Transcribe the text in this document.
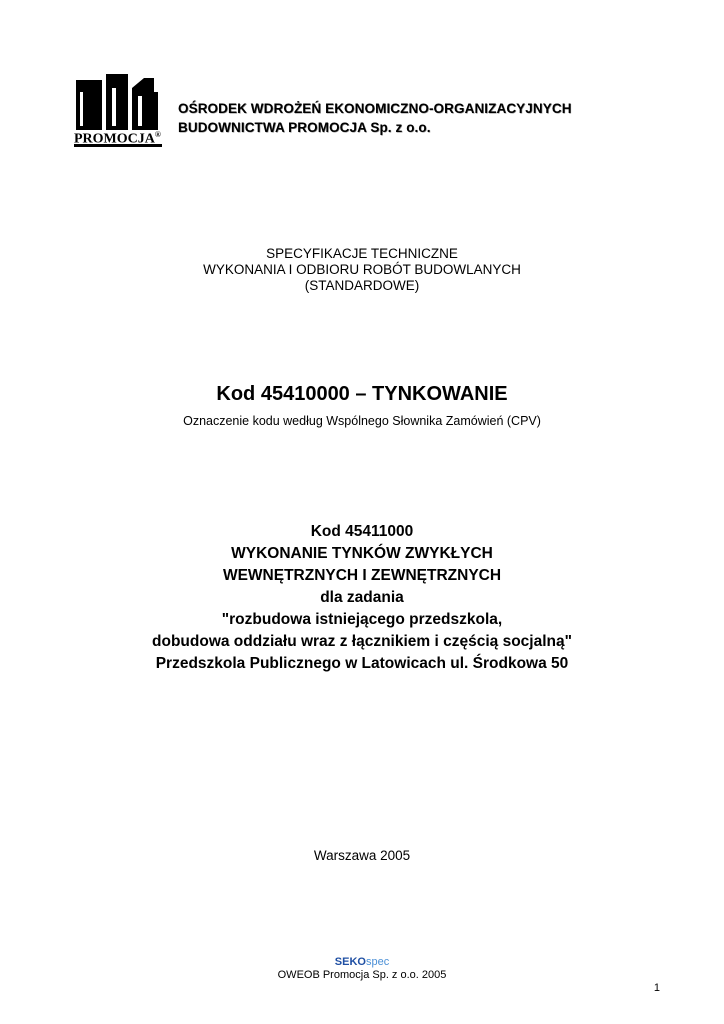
PROMOCJA®
OŚRODEK WDROŻEŃ EKONOMICZNO-ORGANIZACYJNYCH
BUDOWNICTWA PROMOCJA Sp. z o.o.
SPECYFIKACJE TECHNICZNE
WYKONANIA I ODBIORU ROBÓT BUDOWLANYCH
(STANDARDOWE)
Kod 45410000 – TYNKOWANIE
Oznaczenie kodu według Wspólnego Słownika Zamówień (CPV)
Kod 45411000
WYKONANIE TYNKÓW ZWYKŁYCH
WEWNĘTRZNYCH I ZEWNĘTRZNYCH
dla zadania
"rozbudowa istniejącego przedszkola,
dobudowa oddziału wraz z łącznikiem i częścią socjalną"
Przedszkola Publicznego w Latowicach ul. Środkowa 50
Warszawa 2005
SEKOspec
OWEOB Promocja Sp. z o.o. 2005
1
